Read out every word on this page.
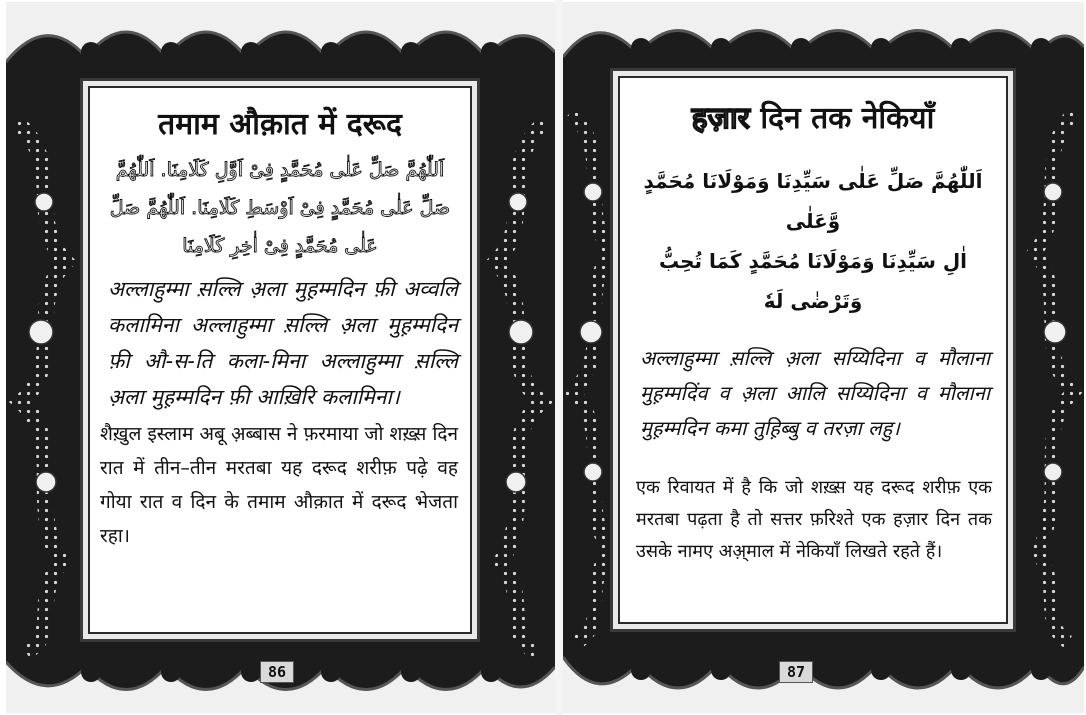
तमाम औक़ात में दरूद
اَللّٰهُمَّ صَلِّ عَلٰى مُحَمَّدٍ فِىْ اَوَّلِ كَلَامِنَا. اَللّٰهُمَّ
صَلِّ عَلٰى مُحَمَّدٍ فِىْ اَوْسَطِ كَلَامِنَا. اَللّٰهُمَّ صَلِّ
عَلٰى مُحَمَّدٍ فِىْ اٰخِرِ كَلَامِنَا

अल्लाहुम्मा स़ल्लि अ़ला मुह़म्मदिन फ़ी अव्वलि कलामिना अल्लाहुम्मा स़ल्लि अ़ला मुह़म्मदिन फ़ी औ-स-ति कला-मिना अल्लाहुम्मा स़ल्लि अ़ला मुह़म्मदिन फ़ी आख़िरि कलामिना।

शैख़ुल इस्लाम अबू अ़ब्बास ने फ़रमाया जो शख़्स़ दिन रात में तीन–तीन मरतबा यह दरूद शरीफ़ पढ़े वह गोया रात व दिन के तमाम औक़ात में दरूद भेजता रहा।

86
हज़ार दिन तक नेकियाँ
اَللّٰهُمَّ صَلِّ عَلٰى سَيِّدِنَا وَمَوْلَانَا مُحَمَّدٍ وَّعَلٰى
اٰلِ سَيِّدِنَا وَمَوْلَانَا مُحَمَّدٍ كَمَا تُحِبُّ وَتَرْضٰى لَهٗ

अल्लाहुम्मा स़ल्लि अ़ला सय्यिदिना व मौलाना मुह़म्मदिंव व अ़ला आलि सय्यिदिना व मौलाना मुह़म्मदिन कमा तुह़िब्बु व तरज़ा लहु।

एक रिवायत में है कि जो शख़्स़ यह दरूद शरीफ़ एक मरतबा पढ़ता है तो सत्तर फ़रिश्ते एक हज़ार दिन तक उसके नामए अअ़्माल में नेकियाँ लिखते रहते हैं।

87
